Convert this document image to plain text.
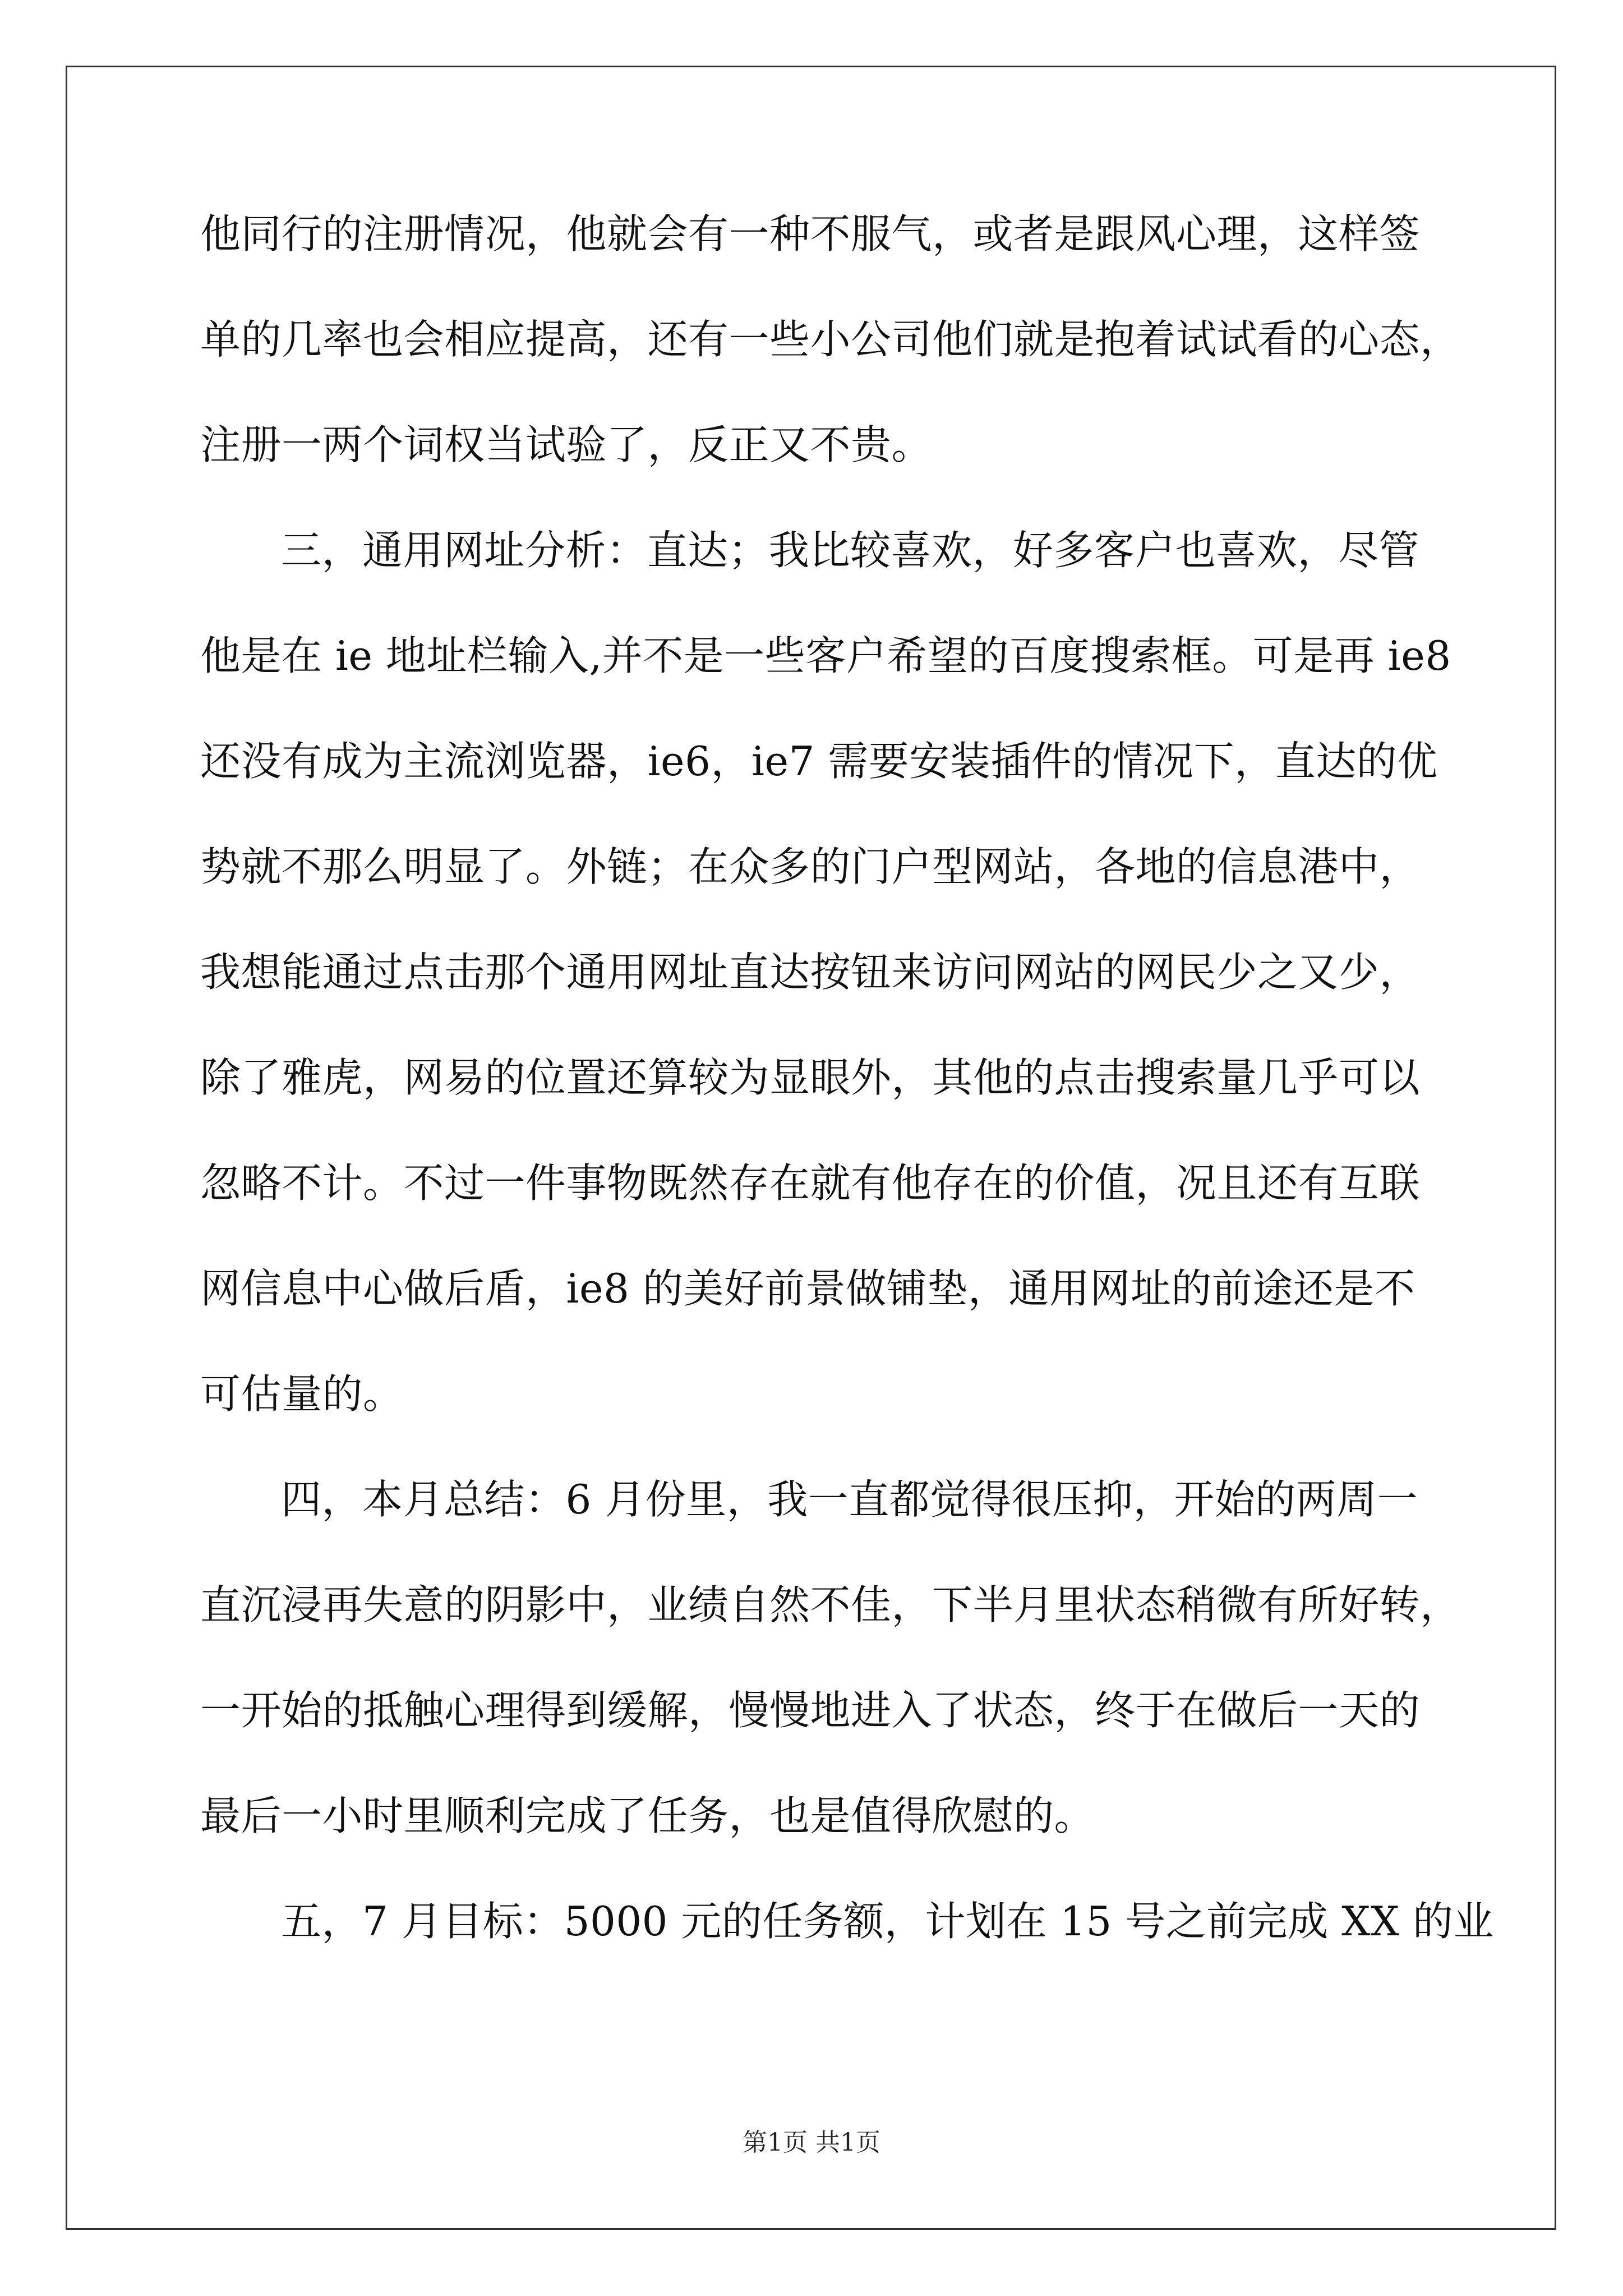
他同行的注册情况，他就会有一种不服气，或者是跟风心理，这样签
单的几率也会相应提高，还有一些小公司他们就是抱着试试看的心态，
注册一两个词权当试验了，反正又不贵。
三，通用网址分析：直达；我比较喜欢，好多客户也喜欢，尽管
他是在 ie 地址栏输入,并不是一些客户希望的百度搜索框。可是再 ie8
还没有成为主流浏览器，ie6，ie7 需要安装插件的情况下，直达的优
势就不那么明显了。外链；在众多的门户型网站，各地的信息港中，
我想能通过点击那个通用网址直达按钮来访问网站的网民少之又少，
除了雅虎，网易的位置还算较为显眼外，其他的点击搜索量几乎可以
忽略不计。不过一件事物既然存在就有他存在的价值，况且还有互联
网信息中心做后盾，ie8 的美好前景做铺垫，通用网址的前途还是不
可估量的。
四，本月总结：6 月份里，我一直都觉得很压抑，开始的两周一
直沉浸再失意的阴影中，业绩自然不佳，下半月里状态稍微有所好转，
一开始的抵触心理得到缓解，慢慢地进入了状态，终于在做后一天的
最后一小时里顺利完成了任务，也是值得欣慰的。
五，7 月目标：5000 元的任务额，计划在 15 号之前完成 XX 的业
第1页 共1页
